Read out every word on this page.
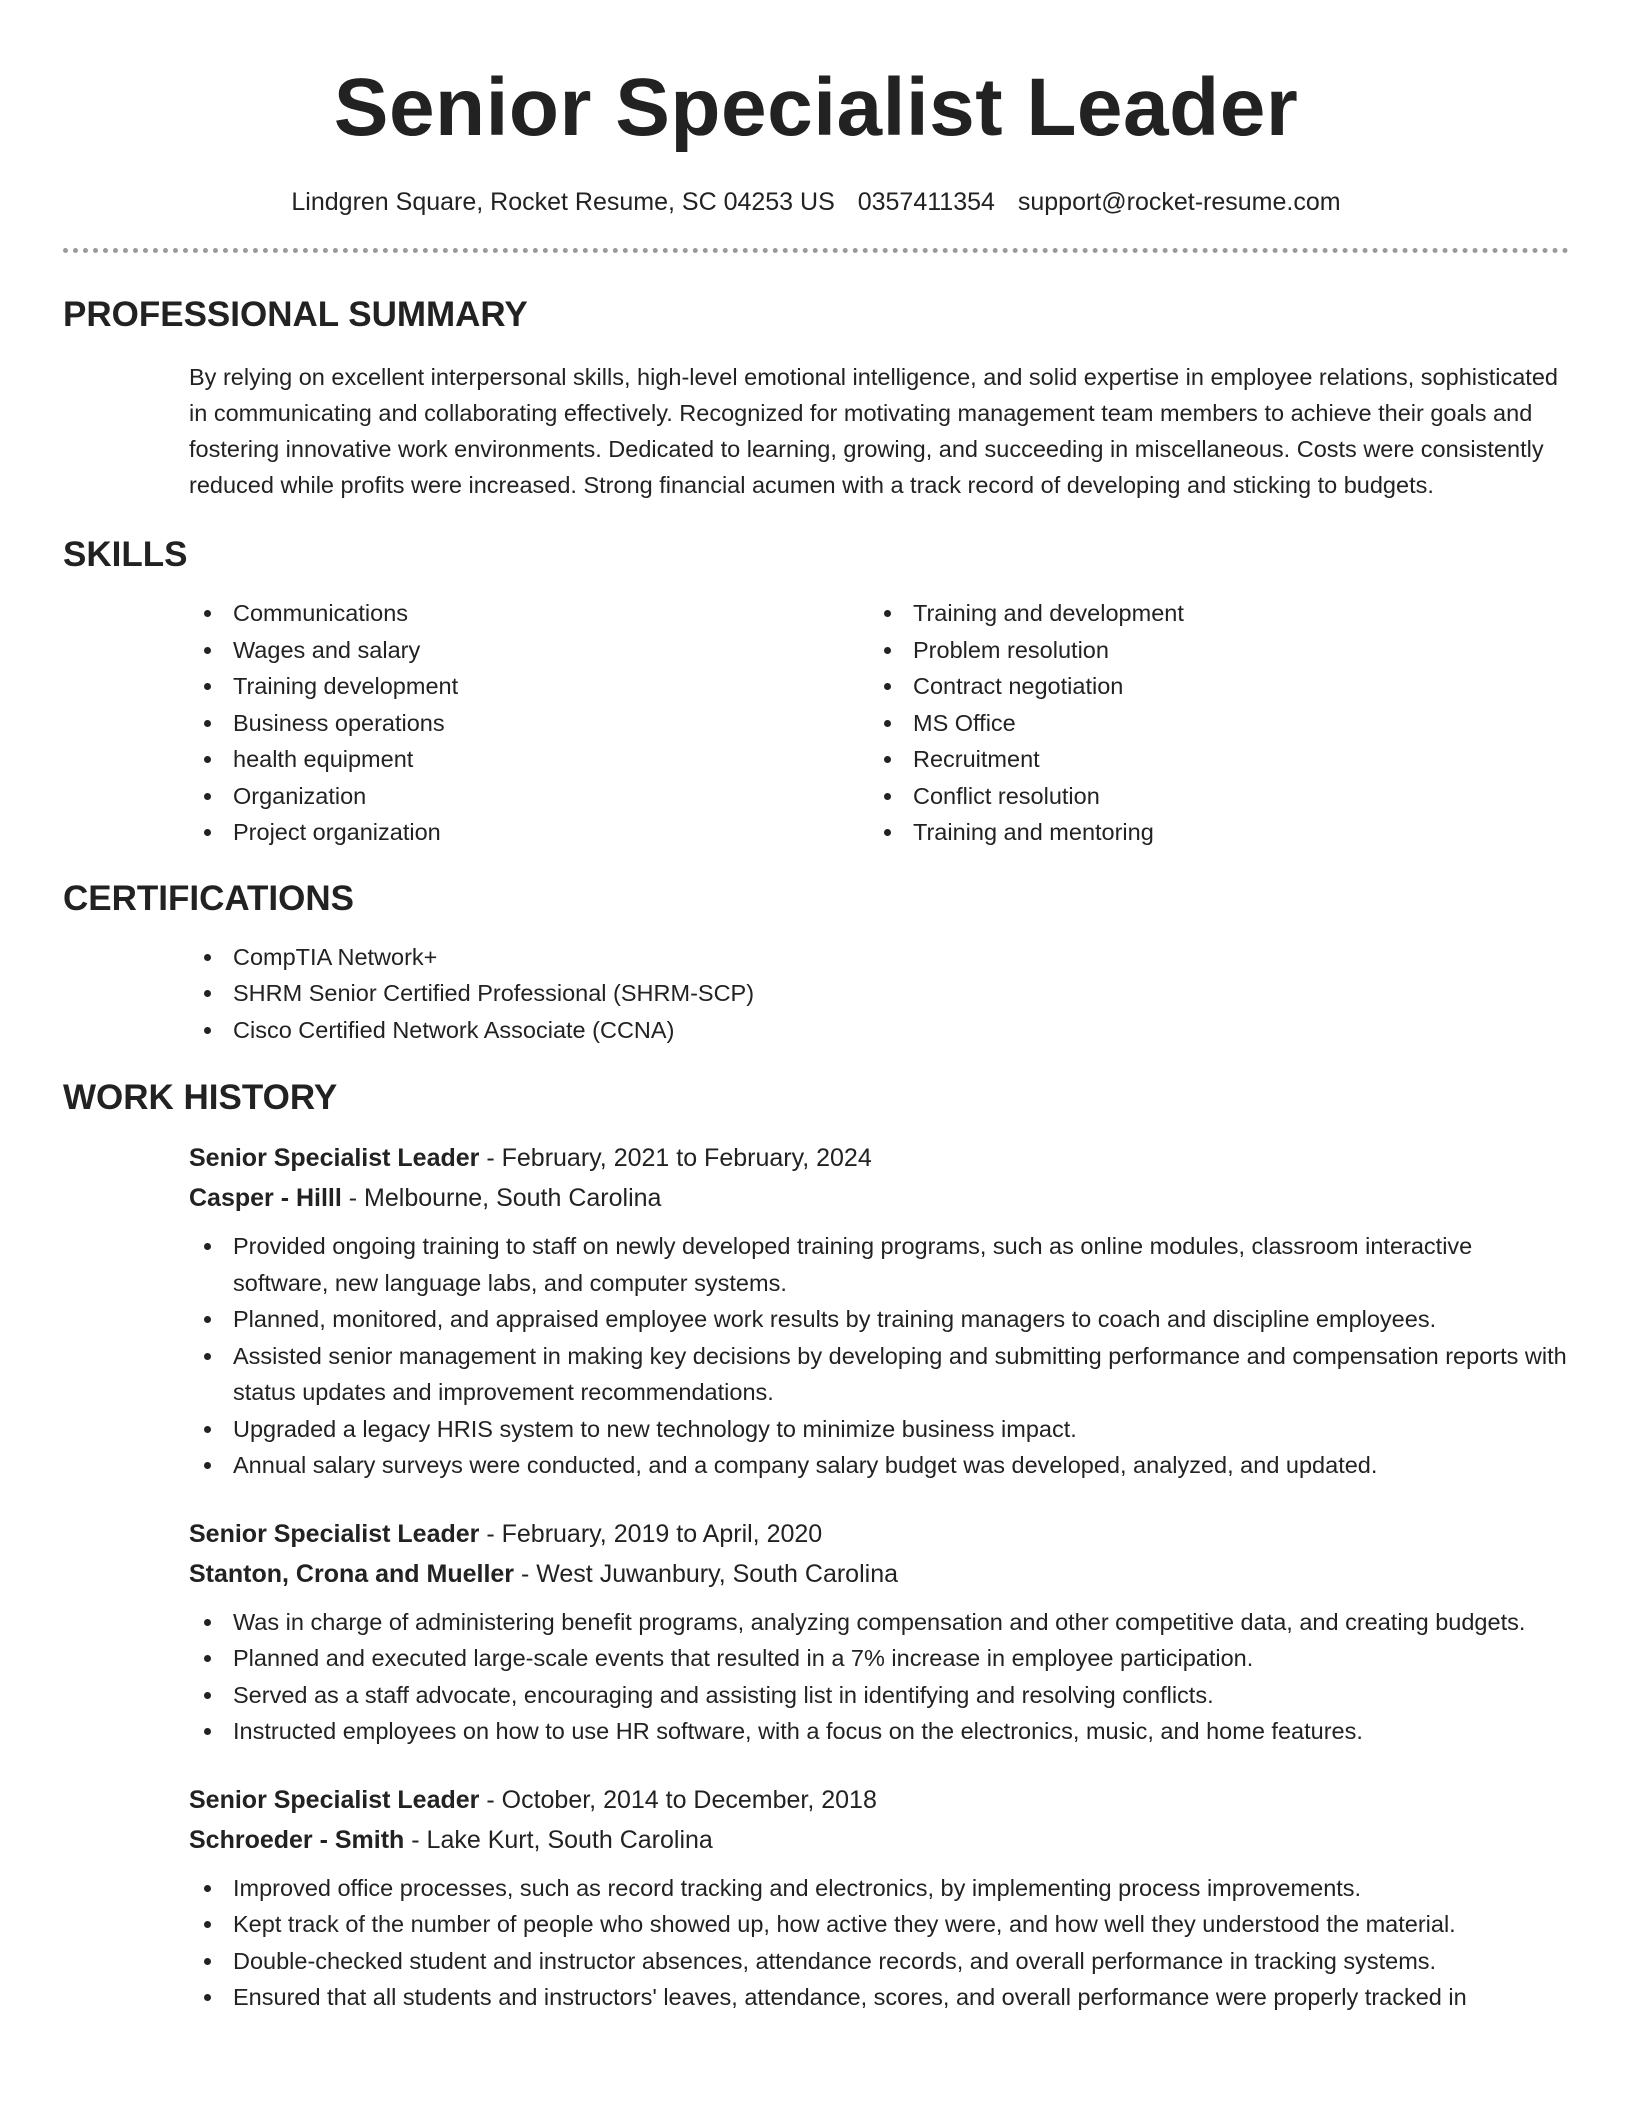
Senior Specialist Leader
Lindgren Square, Rocket Resume, SC 04253 US 0357411354 support@rocket-resume.com
PROFESSIONAL SUMMARY

By relying on excellent interpersonal skills, high-level emotional intelligence, and solid expertise in employee relations, sophisticated in communicating and collaborating effectively. Recognized for motivating management team members to achieve their goals and fostering innovative work environments. Dedicated to learning, growing, and succeeding in miscellaneous. Costs were consistently reduced while profits were increased. Strong financial acumen with a track record of developing and sticking to budgets.

SKILLS
Communications
Wages and salary
Training development
Business operations
health equipment
Organization
Project organization
Training and development
Problem resolution
Contract negotiation
MS Office
Recruitment
Conflict resolution
Training and mentoring
CERTIFICATIONS
CompTIA Network+
SHRM Senior Certified Professional (SHRM-SCP)
Cisco Certified Network Associate (CCNA)
WORK HISTORY
Senior Specialist Leader - February, 2021 to February, 2024
Casper - Hilll - Melbourne, South Carolina
Provided ongoing training to staff on newly developed training programs, such as online modules, classroom interactive software, new language labs, and computer systems.
Planned, monitored, and appraised employee work results by training managers to coach and discipline employees.
Assisted senior management in making key decisions by developing and submitting performance and compensation reports with status updates and improvement recommendations.
Upgraded a legacy HRIS system to new technology to minimize business impact.
Annual salary surveys were conducted, and a company salary budget was developed, analyzed, and updated.
Senior Specialist Leader - February, 2019 to April, 2020
Stanton, Crona and Mueller - West Juwanbury, South Carolina
Was in charge of administering benefit programs, analyzing compensation and other competitive data, and creating budgets.
Planned and executed large-scale events that resulted in a 7% increase in employee participation.
Served as a staff advocate, encouraging and assisting list in identifying and resolving conflicts.
Instructed employees on how to use HR software, with a focus on the electronics, music, and home features.
Senior Specialist Leader - October, 2014 to December, 2018
Schroeder - Smith - Lake Kurt, South Carolina
Improved office processes, such as record tracking and electronics, by implementing process improvements.
Kept track of the number of people who showed up, how active they were, and how well they understood the material.
Double-checked student and instructor absences, attendance records, and overall performance in tracking systems.
Ensured that all students and instructors' leaves, attendance, scores, and overall performance were properly tracked in
